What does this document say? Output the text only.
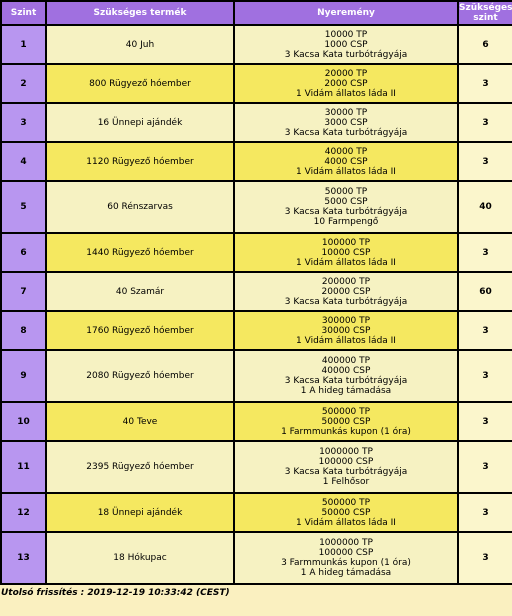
Szint	Szükséges termék	Nyeremény	Szükséges szint
1	40 Juh	10000 TP
1000 CSP
3 Kacsa Kata turbótrágyája	6
2	800 Rügyező hóember	20000 TP
2000 CSP
1 Vidám állatos láda II	3
3	16 Ünnepi ajándék	30000 TP
3000 CSP
3 Kacsa Kata turbótrágyája	3
4	1120 Rügyező hóember	40000 TP
4000 CSP
1 Vidám állatos láda II	3
5	60 Rénszarvas	50000 TP
5000 CSP
3 Kacsa Kata turbótrágyája
10 Farmpengő	40
6	1440 Rügyező hóember	100000 TP
10000 CSP
1 Vidám állatos láda II	3
7	40 Szamár	200000 TP
20000 CSP
3 Kacsa Kata turbótrágyája	60
8	1760 Rügyező hóember	300000 TP
30000 CSP
1 Vidám állatos láda II	3
9	2080 Rügyező hóember	400000 TP
40000 CSP
3 Kacsa Kata turbótrágyája
1 A hideg támadása	3
10	40 Teve	500000 TP
50000 CSP
1 Farmmunkás kupon (1 óra)	3
11	2395 Rügyező hóember	1000000 TP
100000 CSP
3 Kacsa Kata turbótrágyája
1 Felhősor	3
12	18 Ünnepi ajándék	500000 TP
50000 CSP
1 Vidám állatos láda II	3
13	18 Hókupac	1000000 TP
100000 CSP
3 Farmmunkás kupon (1 óra)
1 A hideg támadása	3
Utolsó frissítés : 2019-12-19 10:33:42 (CEST)
